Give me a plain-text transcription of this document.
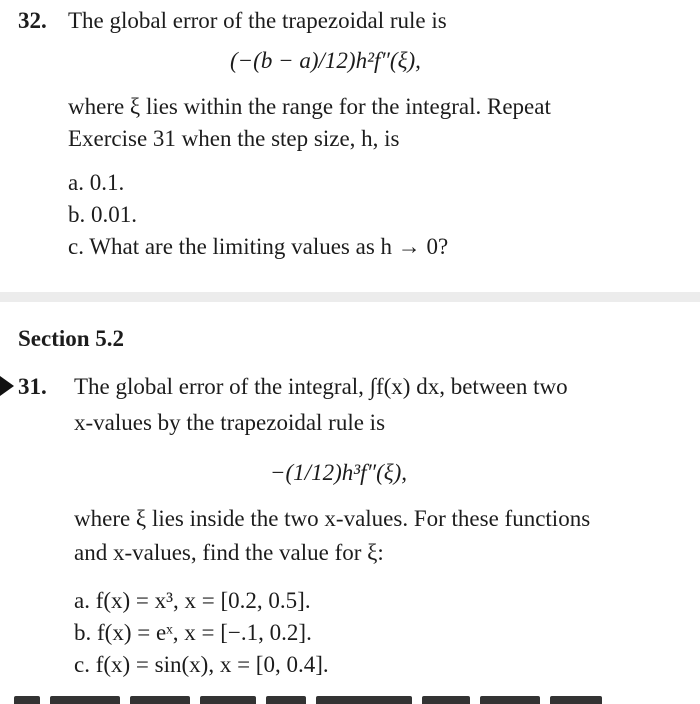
32. The global error of the trapezoidal rule is
(−(b − a)/12)h²f″(ξ),
where ξ lies within the range for the integral. Repeat
Exercise 31 when the step size, h, is
a. 0.1.
b. 0.01.
c. What are the limiting values as h → 0?
Section 5.2
31. The global error of the integral, ∫f(x) dx, between two
x-values by the trapezoidal rule is
−(1/12)h³f″(ξ),
where ξ lies inside the two x-values. For these functions
and x-values, find the value for ξ:
a. f(x) = x³, x = [0.2, 0.5].
b. f(x) = eˣ, x = [−.1, 0.2].
c. f(x) = sin(x), x = [0, 0.4].
